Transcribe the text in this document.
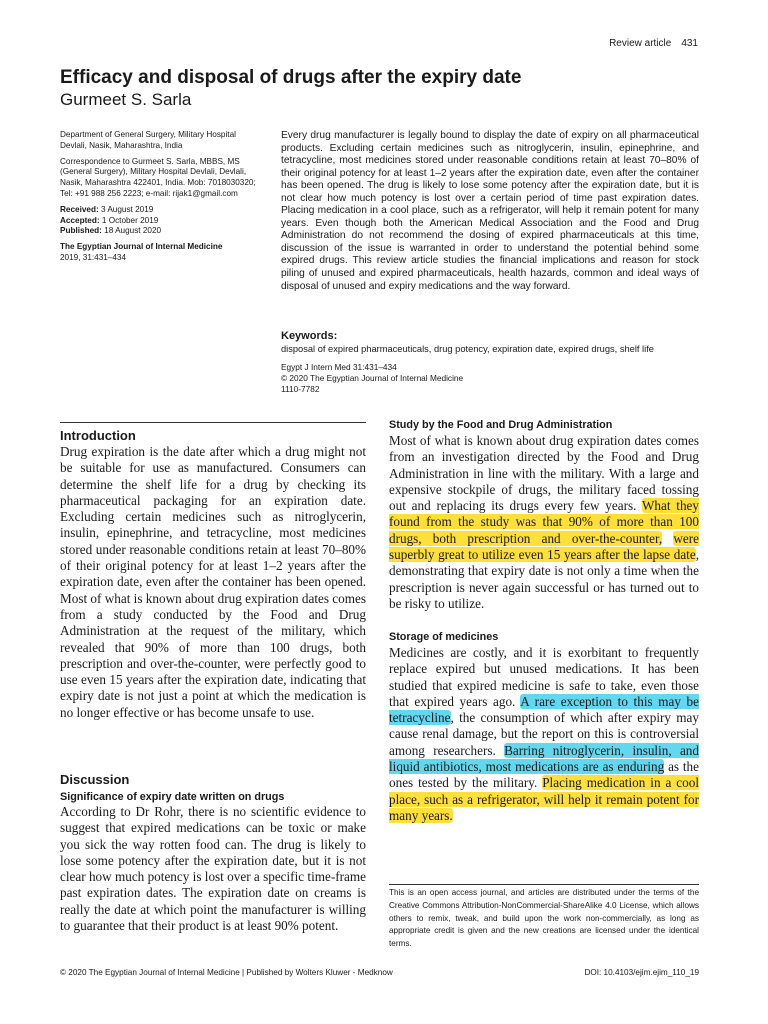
Review article 431
Efficacy and disposal of drugs after the expiry date
Gurmeet S. Sarla

Department of General Surgery, Military Hospital Devlali, Nasik, Maharashtra, India

Correspondence to Gurmeet S. Sarla, MBBS, MS (General Surgery), Military Hospital Devlali, Devlali, Nasik, Maharashtra 422401, India. Mob: 7018030320; Tel: +91 988 256 2223; e-mail: rijak1@gmail.com

Received: 3 August 2019
Accepted: 1 October 2019
Published: 18 August 2020

The Egyptian Journal of Internal Medicine
2019, 31:431–434

Every drug manufacturer is legally bound to display the date of expiry on all pharmaceutical products. Excluding certain medicines such as nitroglycerin, insulin, epinephrine, and tetracycline, most medicines stored under reasonable conditions retain at least 70–80% of their original potency for at least 1–2 years after the expiration date, even after the container has been opened. The drug is likely to lose some potency after the expiration date, but it is not clear how much potency is lost over a certain period of time past expiration dates. Placing medication in a cool place, such as a refrigerator, will help it remain potent for many years. Even though both the American Medical Association and the Food and Drug Administration do not recommend the dosing of expired pharmaceuticals at this time, discussion of the issue is warranted in order to understand the potential behind some expired drugs. This review article studies the financial implications and reason for stock piling of unused and expired pharmaceuticals, health hazards, common and ideal ways of disposal of unused and expiry medications and the way forward.
Keywords:
disposal of expired pharmaceuticals, drug potency, expiration date, expired drugs, shelf life
Egypt J Intern Med 31:431–434
© 2020 The Egyptian Journal of Internal Medicine
1110-7782
Introduction
Drug expiration is the date after which a drug might not be suitable for use as manufactured. Consumers can determine the shelf life for a drug by checking its pharmaceutical packaging for an expiration date. Excluding certain medicines such as nitroglycerin, insulin, epinephrine, and tetracycline, most medicines stored under reasonable conditions retain at least 70–80% of their original potency for at least 1–2 years after the expiration date, even after the container has been opened. Most of what is known about drug expiration dates comes from a study conducted by the Food and Drug Administration at the request of the military, which revealed that 90% of more than 100 drugs, both prescription and over-the-counter, were perfectly good to use even 15 years after the expiration date, indicating that expiry date is not just a point at which the medication is no longer effective or has become unsafe to use.
Discussion
Significance of expiry date written on drugs
According to Dr Rohr, there is no scientific evidence to suggest that expired medications can be toxic or make you sick the way rotten food can. The drug is likely to lose some potency after the expiration date, but it is not clear how much potency is lost over a specific time-frame past expiration dates. The expiration date on creams is really the date at which point the manufacturer is willing to guarantee that their product is at least 90% potent.
Study by the Food and Drug Administration
Most of what is known about drug expiration dates comes from an investigation directed by the Food and Drug Administration in line with the military. With a large and expensive stockpile of drugs, the military faced tossing out and replacing its drugs every few years. What they found from the study was that 90% of more than 100 drugs, both prescription and over-the-counter, were superbly great to utilize even 15 years after the lapse date, demonstrating that expiry date is not only a time when the prescription is never again successful or has turned out to be risky to utilize.
Storage of medicines
Medicines are costly, and it is exorbitant to frequently replace expired but unused medications. It has been studied that expired medicine is safe to take, even those that expired years ago. A rare exception to this may be tetracycline, the consumption of which after expiry may cause renal damage, but the report on this is controversial among researchers. Barring nitroglycerin, insulin, and liquid antibiotics, most medications are as enduring as the ones tested by the military. Placing medication in a cool place, such as a refrigerator, will help it remain potent for many years.
This is an open access journal, and articles are distributed under the terms of the Creative Commons Attribution-NonCommercial-ShareAlike 4.0 License, which allows others to remix, tweak, and build upon the work non-commercially, as long as appropriate credit is given and the new creations are licensed under the identical terms.
© 2020 The Egyptian Journal of Internal Medicine | Published by Wolters Kluwer - Medknow	DOI: 10.4103/ejim.ejim_110_19
